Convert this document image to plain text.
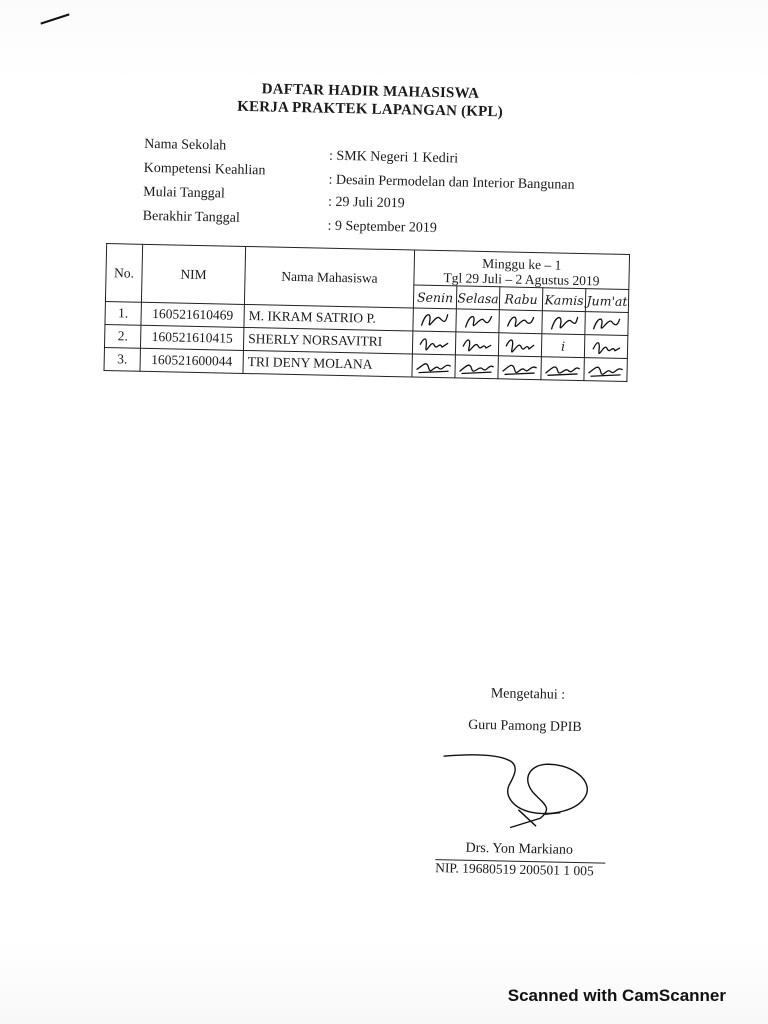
DAFTAR HADIR MAHASISWA
KERJA PRAKTEK LAPANGAN (KPL)
Nama Sekolah
: SMK Negeri 1 Kediri
Kompetensi Keahlian
: Desain Permodelan dan Interior Bangunan
Mulai Tanggal
: 29 Juli 2019
Berakhir Tanggal
: 9 September 2019
No.	NIM	Nama Mahasiswa	Minggu ke – 1
Tgl 29 Juli – 2 Agustus 2019				

			Senin	Selasa	Rabu	Kamis	Jum'at
1.	160521610469	M. IKRAM SATRIO P.	

2.	160521610415	SHERLY NORSAVITRI				i	

3.	160521600044	TRI DENY MOLANA	

Mengetahui :
Guru Pamong DPIB
Drs. Yon Markiano
NIP. 19680519 200501 1 005
Scanned with CamScanner
